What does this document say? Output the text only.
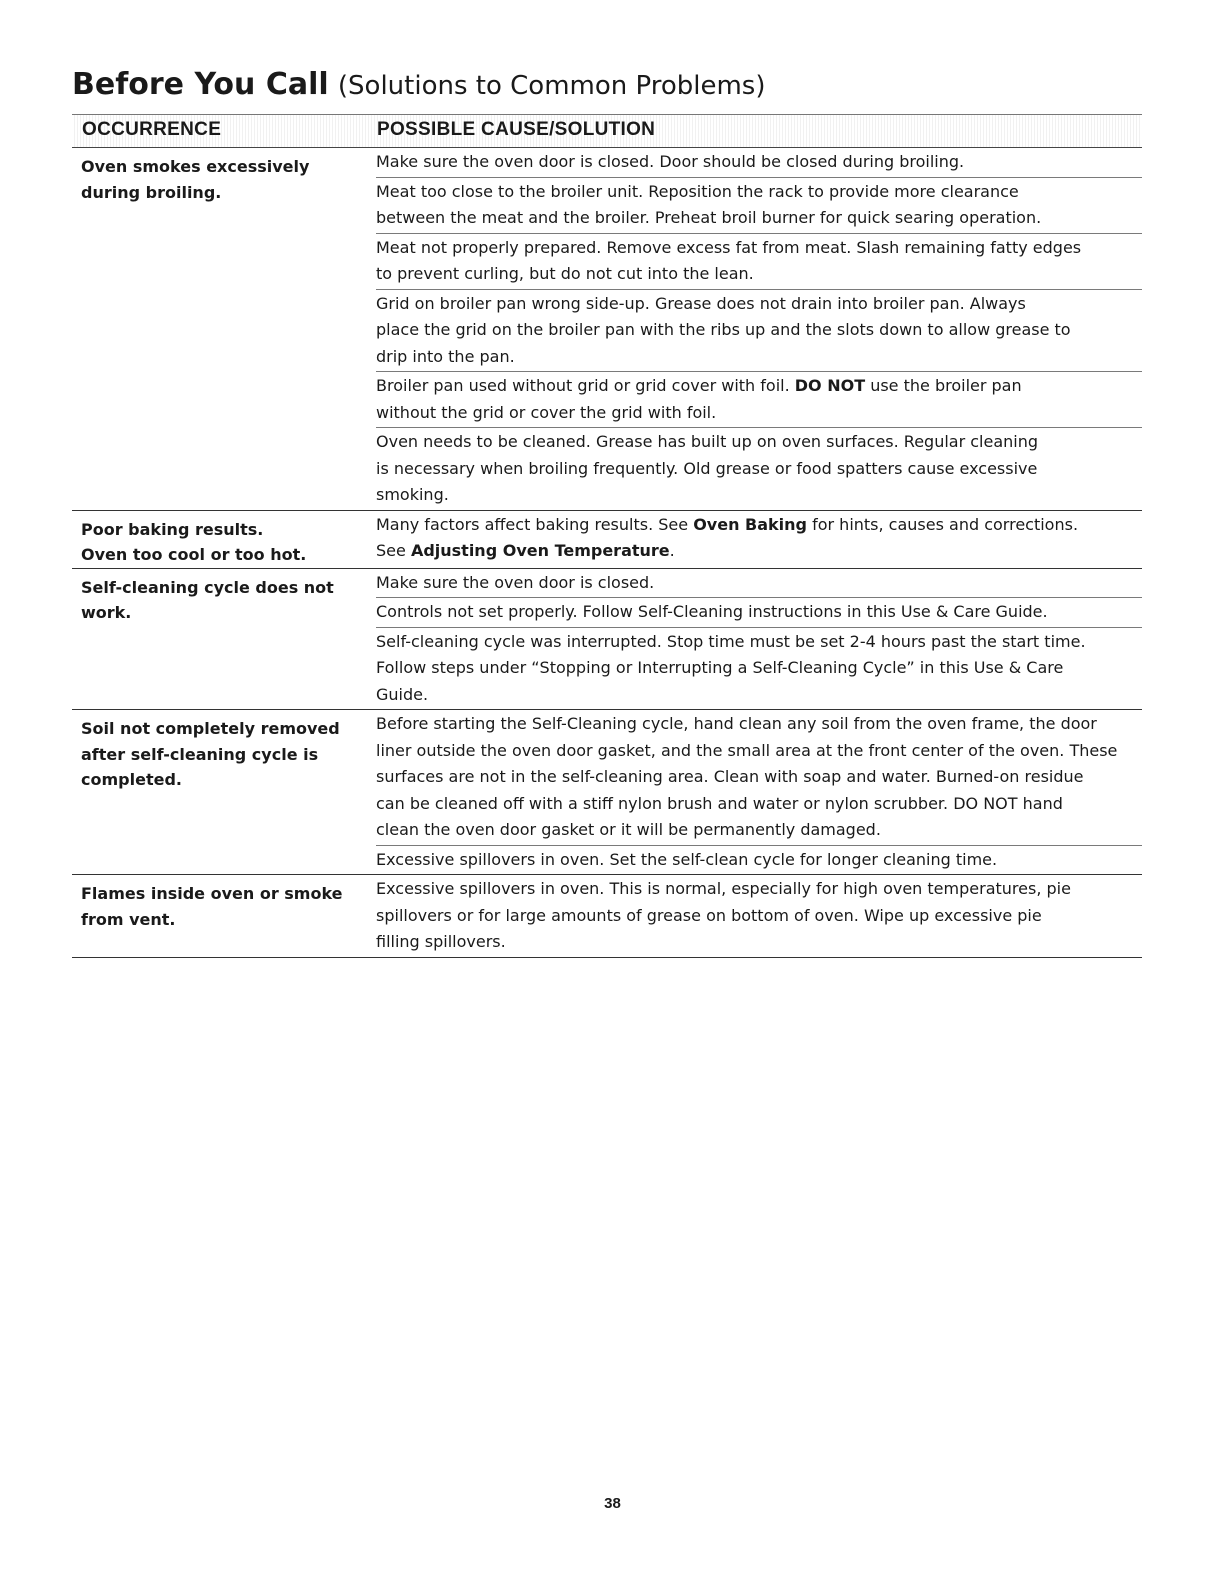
Before You Call (Solutions to Common Problems)
OCCURRENCE	POSSIBLE CAUSE/SOLUTION
Oven smokes excessively
during broiling.
Make sure the oven door is closed. Door should be closed during broiling.
Meat too close to the broiler unit. Reposition the rack to provide more clearance
between the meat and the broiler. Preheat broil burner for quick searing operation.
Meat not properly prepared. Remove excess fat from meat. Slash remaining fatty edges
to prevent curling, but do not cut into the lean.
Grid on broiler pan wrong side-up. Grease does not drain into broiler pan. Always
place the grid on the broiler pan with the ribs up and the slots down to allow grease to
drip into the pan.
Broiler pan used without grid or grid cover with foil. DO NOT use the broiler pan
without the grid or cover the grid with foil.
Oven needs to be cleaned. Grease has built up on oven surfaces. Regular cleaning
is necessary when broiling frequently. Old grease or food spatters cause excessive
smoking.
Poor baking results.
Oven too cool or too hot.
Many factors affect baking results. See Oven Baking for hints, causes and corrections.
See Adjusting Oven Temperature.
Self-cleaning cycle does not
work.
Make sure the oven door is closed.
Controls not set properly. Follow Self-Cleaning instructions in this Use & Care Guide.
Self-cleaning cycle was interrupted. Stop time must be set 2-4 hours past the start time.
Follow steps under “Stopping or Interrupting a Self-Cleaning Cycle” in this Use & Care
Guide.
Soil not completely removed
after self-cleaning cycle is
completed.
Before starting the Self-Cleaning cycle, hand clean any soil from the oven frame, the door
liner outside the oven door gasket, and the small area at the front center of the oven. These
surfaces are not in the self-cleaning area. Clean with soap and water. Burned-on residue
can be cleaned off with a stiff nylon brush and water or nylon scrubber. DO NOT hand
clean the oven door gasket or it will be permanently damaged.
Excessive spillovers in oven. Set the self-clean cycle for longer cleaning time.
Flames inside oven or smoke
from vent.
Excessive spillovers in oven. This is normal, especially for high oven temperatures, pie
spillovers or for large amounts of grease on bottom of oven. Wipe up excessive pie
filling spillovers.
38
